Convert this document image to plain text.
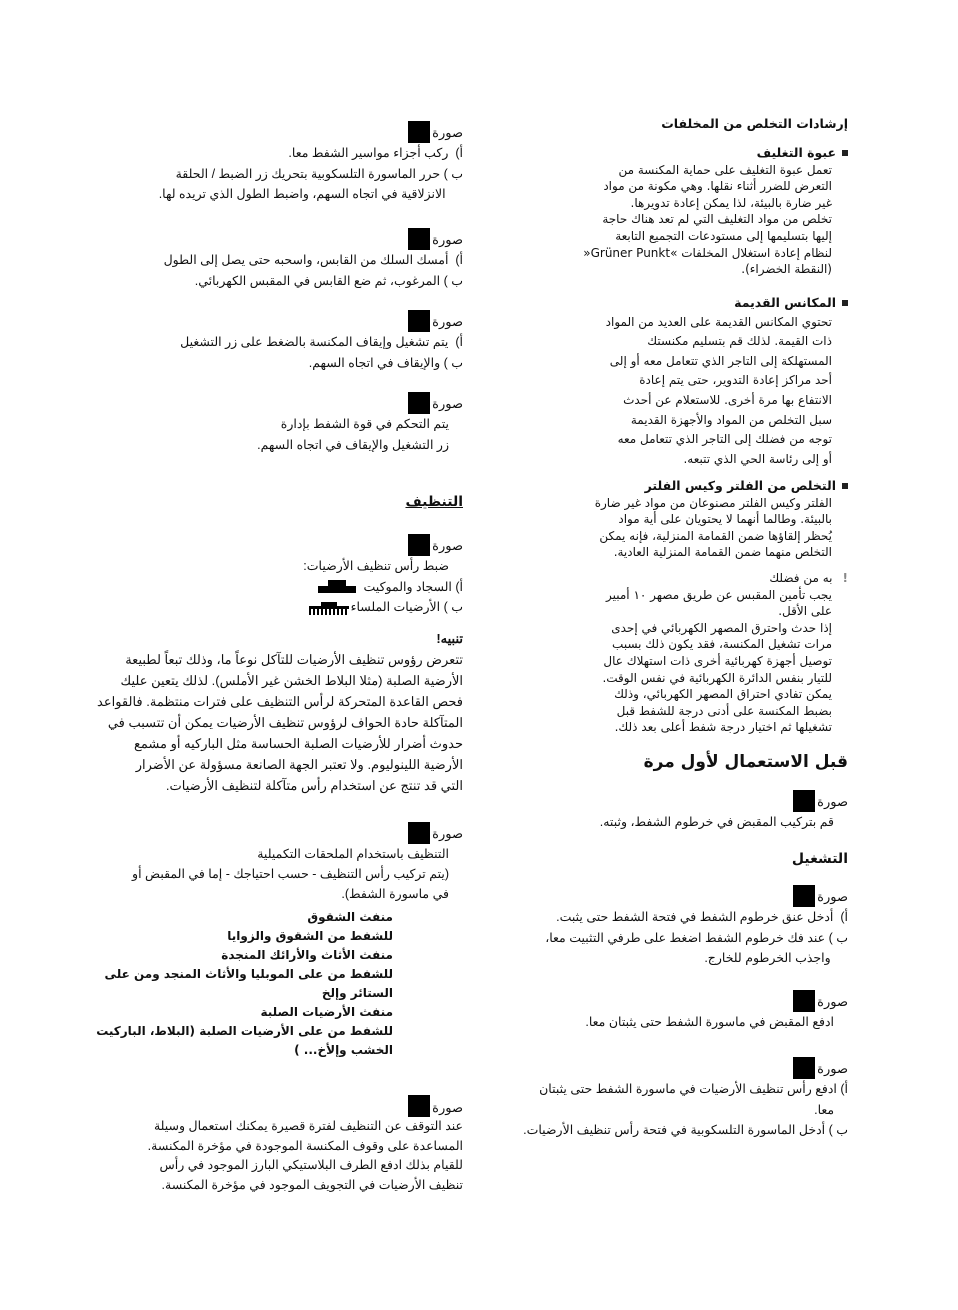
إرشادات التخلص من المخلفات
عبوة التغليف
تعمل عبوة التغليف على حماية المكنسة من
التعرض للضرر أثناء نقلها. وهي مكونة من مواد
غير ضارة بالبيئة، لذا يمكن إعادة تدويرها.
تخلص من مواد التغليف التي لم تعد هناك حاجة
إليها بتسليمها إلى مستودعات التجميع التابعة
لنظام إعادة استغلال المخلفات »Grüner Punkt«
(النقطة الخضراء).
المكانس القديمة
تحتوي المكانس القديمة على العديد من المواد
ذات القيمة. لذلك قم بتسليم مكنستك
المستهلكة إلى التاجر الذي تتعامل معه أو إلى
أحد مراكز إعادة التدوير، حتى يتم إعادة
الانتفاع بها مرة أخرى. للاستعلام عن أحدث
سبل التخلص من المواد والأجهزة القديمة
توجه من فضلك إلى التاجر الذي تتعامل معه
أو إلى رئاسة الحي الذي تتبعه.
التخلص من الفلتر وكيس الفلتر
الفلتر وكيس الفلتر مصنوعان من مواد غير ضارة
بالبيئة. وطالما أنهما لا يحتويان على أية مواد
يُحظر إلقاؤها ضمن القمامة المنزلية، فإنه يمكن
التخلص منهما ضمن القمامة المنزلية العادية.
!به من فضلك
يجب تأمين المقبس عن طريق مصهر ١٠ أمبير
على الأقل.
إذا حدث واحترق المصهر الكهربائي في إحدى
مرات تشغيل المكنسة، فقد يكون ذلك بسبب
توصيل أجهزة كهربائية أخرى ذات استهلاك عال
للتيار بنفس الدائرة الكهربائية في نفس الوقت.
يمكن تفادي احتراق المصهر الكهربائي، وذلك
بضبط المكنسة على أدنى درجة للشفط قبل
تشغيلها ثم اختيار درجة شفط أعلى بعد ذلك.
قبل الاستعمال لأول مرة
صورة
قم بتركيب المقبض في خرطوم الشفط، وثبته.
التشغيل
صورة
أ)  أدخل عنق خرطوم الشفط في فتحة الشفط حتى يثبت.
ب ) عند فك خرطوم الشفط اضغط على طرفي التثبيت معا،
واجذب الخرطوم للخارج.
صورة
ادفع المقبض في ماسورة الشفط حتى يثبتان معا.
صورة
أ) ادفع رأس تنظيف الأرضيات في ماسورة الشفط حتى يثبتان
معا.
ب ) أدخل الماسورة التلسكوبية في فتحة رأس تنظيف الأرضيات.
صورة
أ)  ركب أجزاء مواسير الشفط معا.
ب ) حرر الماسورة التلسكوبية بتحريك زر الضبط / الحلقة
الانزلاقية في اتجاه السهم، واضبط الطول الذي تريده لها.
صورة
أ)  أمسك السلك من القابس، واسحبه حتى يصل إلى الطول
ب ) المرغوب، ثم ضع القابس في المقبس الكهربائي.
صورة
أ)  يتم تشغيل وإيقاف المكنسة بالضغط على زر التشغيل
ب ) والإيقاف في اتجاه السهم.
صورة
يتم التحكم في قوة الشفط بإدارة
زر التشغيل والإيقاف في اتجاه السهم.
التنظيف
صورة
ضبط رأس تنظيف الأرضيات:
أ) السجاد والموكيت
ب ) الأرضيات الملساء
تنبيه!
تتعرض رؤوس تنظيف الأرضيات للتآكل نوعاً ما، وذلك تبعاً لطبيعة
الأرضية الصلبة (مثلا البلاط الخشن غير الأملس). لذلك يتعين عليك
فحص القاعدة المتحركة لرأس التنظيف على فترات منتظمة. فالقواعد
المتآكلة حادة الحواف لرؤوس تنظيف الأرضيات يمكن أن تتسبب في
حدوث أضرار للأرضيات الصلبة الحساسة مثل الباركيه أو مشمع
الأرضية اللينوليوم. ولا تعتبر الجهة الصانعة مسؤولة عن الأضرار
التي قد تنتج عن استخدام رأس متآكلة لتنظيف الأرضيات.
صورة
التنظيف باستخدام الملحقات التكميلية
(يتم تركيب رأس التنظيف - حسب احتياجك - إما في المقبض أو
في ماسورة الشفط).
منفث الشقوق
للشفط من الشقوق والزوايا
منفث الأثاث والأرائك المنجدة
للشفط من على الموبليا والأثاث المنجد ومن على
الستائر وإلخ
منفث الأرضيات الصلبة
للشفط من على الأرضيات الصلبة (البلاط، الباركيت
الخشب وإلأخ... )
صورة
عند التوقف عن التنظيف لفترة قصيرة يمكنك استعمال وسيلة
المساعدة على وقوف المكنسة الموجودة في مؤخرة المكنسة.
للقيام بذلك ادفع الطرف البلاستيكي البارز الموجود في رأس
تنظيف الأرضيات في التجويف الموجود في مؤخرة المكنسة.
